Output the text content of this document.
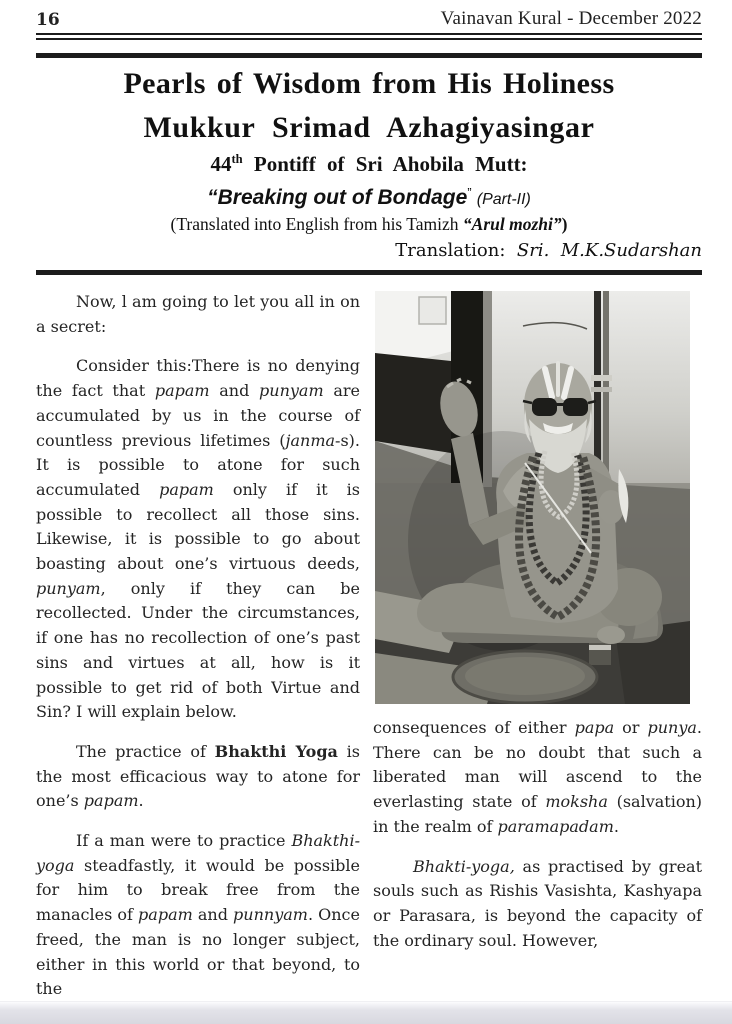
16	Vainavan Kural - December 2022
Pearls of Wisdom from His Holiness
Mukkur Srimad Azhagiyasingar
44th Pontiff of Sri Ahobila Mutt:
“Breaking out of Bondage” (Part-II)
(Translated into English from his Tamizh “Arul mozhi”)
Translation:  Sri.  M.K.Sudarshan

Now, l am going to let you all in on a secret:

Consider this:There is no denying the fact that papam and punyam are accumulated by us in the course of countless previous lifetimes (janma-s). It is possible to atone for such accumulated papam only if it is possible to recollect all those sins. Likewise, it is possible to go about boasting about one’s virtuous deeds, punyam, only if they can be recollected. Under the circumstances, if one has no recollection of one’s past sins and virtues at all, how is it possible to get rid of both Virtue and Sin? I will explain below.

The practice of Bhakthi Yoga is the most efficacious way to atone for one’s papam.

If a man were to practice Bhakthi-yoga steadfastly, it would be possible for him to break free from the manacles of papam and punnyam. Once freed, the man is no longer subject, either in this world or that beyond, to the

consequences of either papa or punya. There can be no doubt that such a liberated man will ascend to the everlasting state of moksha (salvation) in the realm of paramapadam.

Bhakti-yoga, as practised by great souls such as Rishis Vasishta, Kashyapa or Parasara, is beyond the capacity of the ordinary soul. However,
